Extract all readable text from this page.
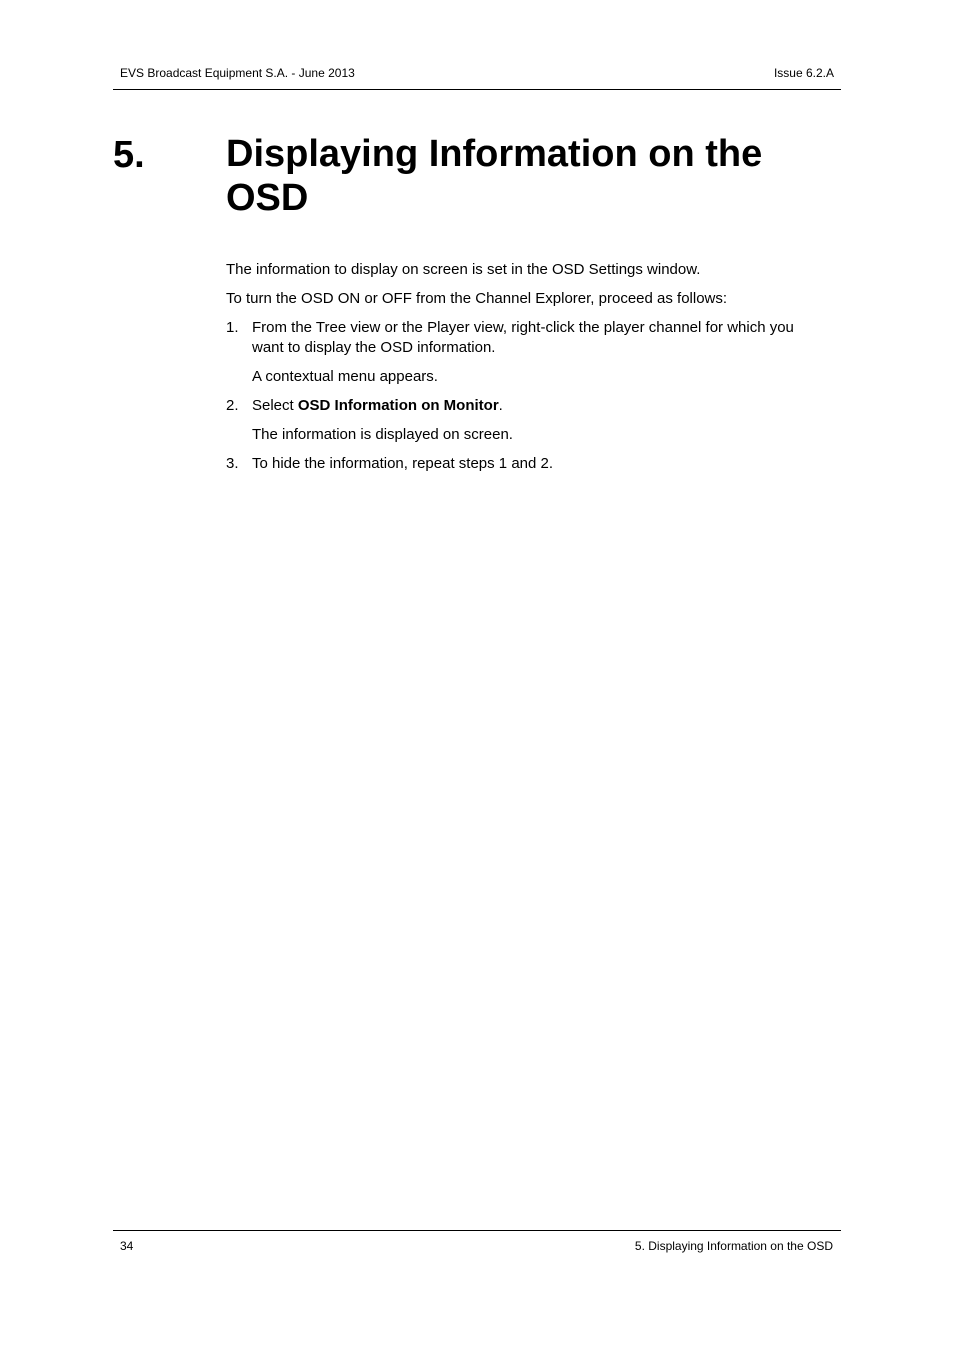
EVS Broadcast Equipment S.A. - June 2013	Issue 6.2.A
5. Displaying Information on the OSD

The information to display on screen is set in the OSD Settings window.

To turn the OSD ON or OFF from the Channel Explorer, proceed as follows:

1. From the Tree view or the Player view, right-click the player channel for which you want to display the OSD information.
A contextual menu appears.
2. Select OSD Information on Monitor.
The information is displayed on screen.
3. To hide the information, repeat steps 1 and 2.
34	5. Displaying Information on the OSD
